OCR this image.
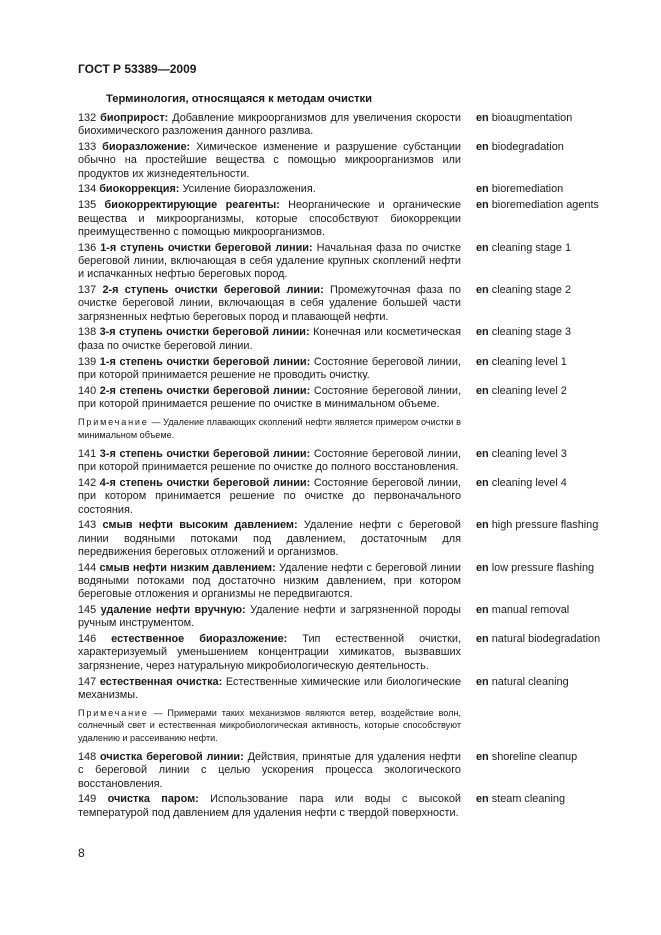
ГОСТ Р 53389—2009
Терминология, относящаяся к методам очистки
132 биоприрост: Добавление микроорганизмов для увеличения скорости биохимического разложения данного разлива.
en bioaugmentation
133 биоразложение: Химическое изменение и разрушение субстанции обычно на простейшие вещества с помощью микроорганизмов или продуктов их жизнедеятельности.
en biodegradation
134 биокоррекция: Усиление биоразложения.	en bioremediation
135 биокорректирующие реагенты: Неорганические и органические вещества и микроорганизмы, которые способствуют биокоррекции преимущественно с помощью микроорганизмов.
en bioremediation agents
136 1-я ступень очистки береговой линии: Начальная фаза по очистке береговой линии, включающая в себя удаление крупных скоплений нефти и испачканных нефтью береговых пород.
en cleaning stage 1
137 2-я ступень очистки береговой линии: Промежуточная фаза по очистке береговой линии, включающая в себя удаление большей части загрязненных нефтью береговых пород и плавающей нефти.
en cleaning stage 2
138 3-я ступень очистки береговой линии: Конечная или косметическая фаза по очистке береговой линии.
en cleaning stage 3
139 1-я степень очистки береговой линии: Состояние береговой линии, при которой принимается решение не проводить очистку.
en cleaning level 1
140 2-я степень очистки береговой линии: Состояние береговой линии, при которой принимается решение по очистке в минимальном объеме.
en cleaning level 2
Примечание — Удаление плавающих скоплений нефти является примером очистки в минимальном объеме.
141 3-я степень очистки береговой линии: Состояние береговой линии, при которой принимается решение по очистке до полного восстановления.
en cleaning level 3
142 4-я степень очистки береговой линии: Состояние береговой линии, при котором принимается решение по очистке до первоначального состояния.
en cleaning level 4
143 смыв нефти высоким давлением: Удаление нефти с береговой линии водяными потоками под давлением, достаточным для передвижения береговых отложений и организмов.
en high pressure flashing
144 смыв нефти низким давлением: Удаление нефти с береговой линии водяными потоками под достаточно низким давлением, при котором береговые отложения и организмы не передвигаются.
en low pressure flashing
145 удаление нефти вручную: Удаление нефти и загрязненной породы ручным инструментом.
en manual removal
146 естественное биоразложение: Тип естественной очистки, характеризуемый уменьшением концентрации химикатов, вызвавших загрязнение, через натуральную микробиологическую деятельность.
en natural biodegradation
147 естественная очистка: Естественные химические или биологические механизмы.
en natural cleaning
Примечание — Примерами таких механизмов являются ветер, воздействие волн, солнечный свет и естественная микробиологическая активность, которые способствуют удалению и рассеиванию нефти.
148 очистка береговой линии: Действия, принятые для удаления нефти с береговой линии с целью ускорения процесса экологического восстановления.
en shoreline cleanup
149 очистка паром: Использование пара или воды с высокой температурой под давлением для удаления нефти с твердой поверхности.
en steam cleaning
8
